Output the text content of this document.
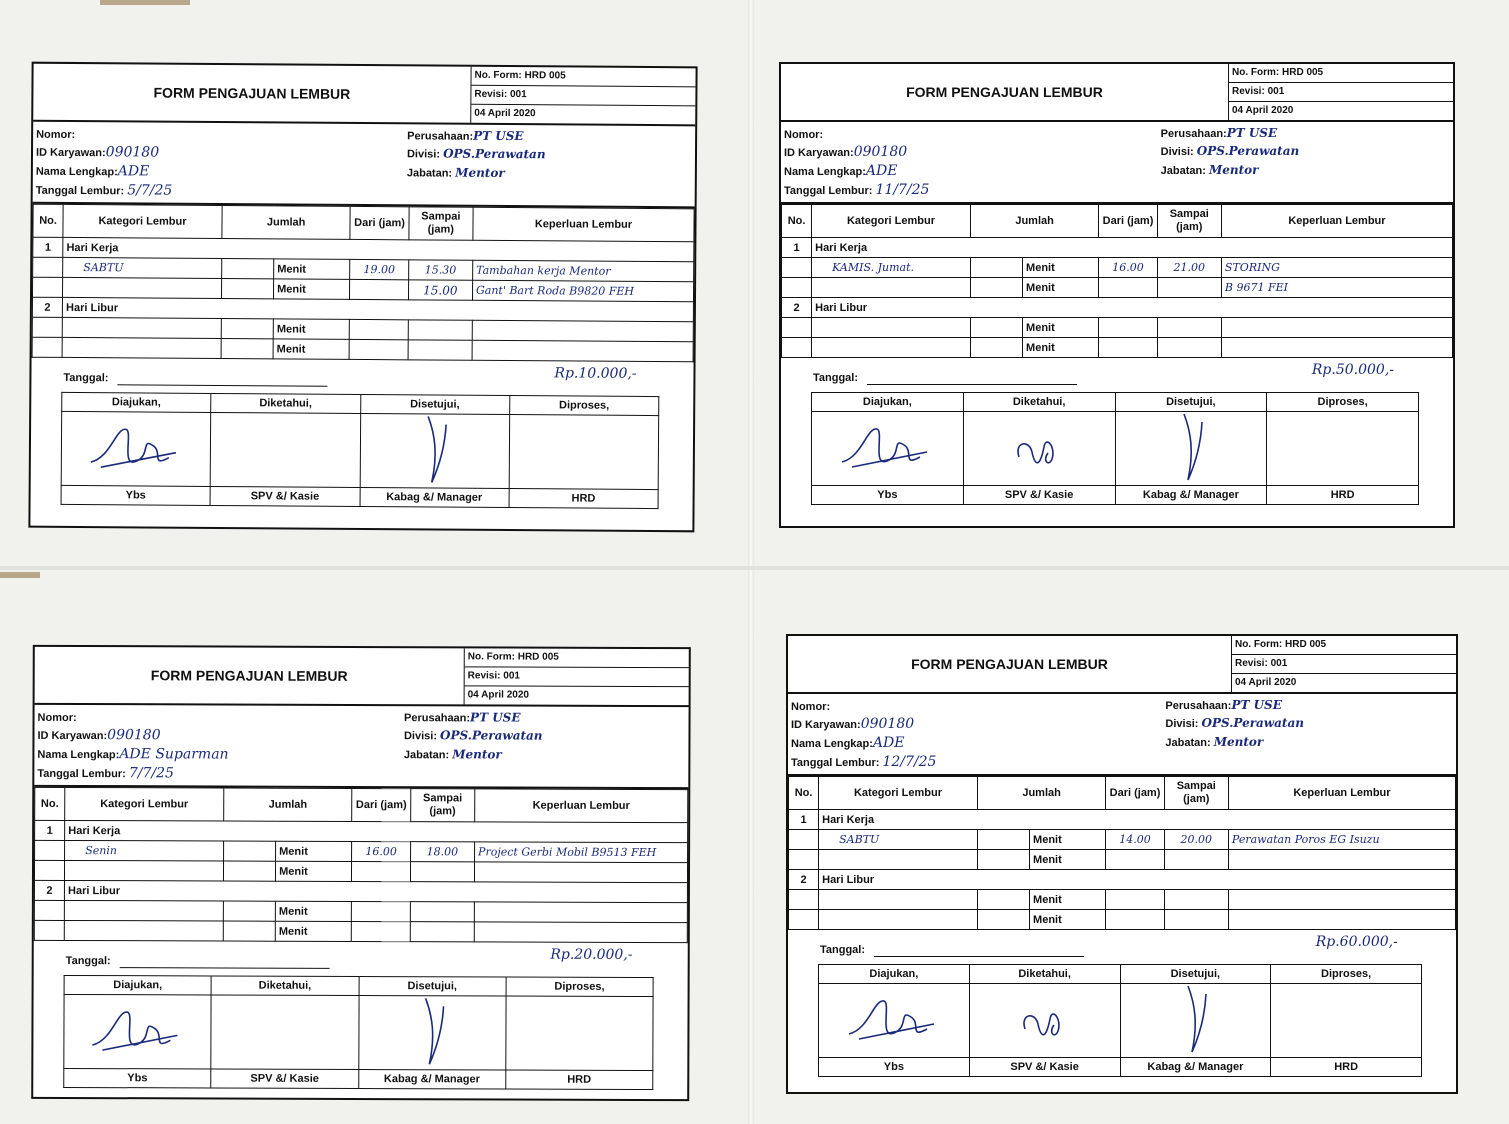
FORM PENGAJUAN LEMBUR
No. Form: HRD 005
Revisi: 001
04 April 2020
Nomor:
ID Karyawan:090180
Nama Lengkap:ADE
Tanggal Lembur: 5/7/25
Perusahaan:PT USE
Divisi: OPS.Perawatan
Jabatan: Mentor
No.	Kategori Lembur	Jumlah		Dari (jam)	Sampai (jam)	Keperluan Lembur
1	Hari Kerja					
	SABTU		Menit	19.00	15.30	Tambahan kerja Mentor
			Menit		15.00	Gant' Bart Roda B9820 FEH
2	Hari Libur					
			Menit			
			Menit			
Tanggal:	Rp.10.000,-
Diajukan,	Diketahui,	Disetujui,	Diproses,

Ybs	SPV &/ Kasie	Kabag &/ Manager	HRD
FORM PENGAJUAN LEMBUR
No. Form: HRD 005
Revisi: 001
04 April 2020
Nomor:
ID Karyawan:090180
Nama Lengkap:ADE
Tanggal Lembur: 11/7/25
Perusahaan:PT USE
Divisi: OPS.Perawatan
Jabatan: Mentor
No.	Kategori Lembur	Jumlah		Dari (jam)	Sampai (jam)	Keperluan Lembur
1	Hari Kerja					
	KAMIS. Jumat.		Menit	16.00	21.00	STORING
			Menit			B 9671 FEI
2	Hari Libur					
			Menit			
			Menit			
Tanggal:	Rp.50.000,-
Diajukan,	Diketahui,	Disetujui,	Diproses,

Ybs	SPV &/ Kasie	Kabag &/ Manager	HRD
FORM PENGAJUAN LEMBUR
No. Form: HRD 005
Revisi: 001
04 April 2020
Nomor:
ID Karyawan:090180
Nama Lengkap:ADE Suparman
Tanggal Lembur: 7/7/25
Perusahaan:PT USE
Divisi: OPS.Perawatan
Jabatan: Mentor
No.	Kategori Lembur	Jumlah		Dari (jam)	Sampai (jam)	Keperluan Lembur
1	Hari Kerja					
	Senin		Menit	16.00	18.00	Project Gerbi Mobil B9513 FEH
			Menit			
2	Hari Libur					
			Menit			
			Menit			
Tanggal:	Rp.20.000,-
Diajukan,	Diketahui,	Disetujui,	Diproses,

Ybs	SPV &/ Kasie	Kabag &/ Manager	HRD
FORM PENGAJUAN LEMBUR
No. Form: HRD 005
Revisi: 001
04 April 2020
Nomor:
ID Karyawan:090180
Nama Lengkap:ADE
Tanggal Lembur: 12/7/25
Perusahaan:PT USE
Divisi: OPS.Perawatan
Jabatan: Mentor
No.	Kategori Lembur	Jumlah		Dari (jam)	Sampai (jam)	Keperluan Lembur
1	Hari Kerja					
	SABTU		Menit	14.00	20.00	Perawatan Poros EG Isuzu
			Menit			
2	Hari Libur					
			Menit			
			Menit			
Tanggal:	Rp.60.000,-
Diajukan,	Diketahui,	Disetujui,	Diproses,

Ybs	SPV &/ Kasie	Kabag &/ Manager	HRD
